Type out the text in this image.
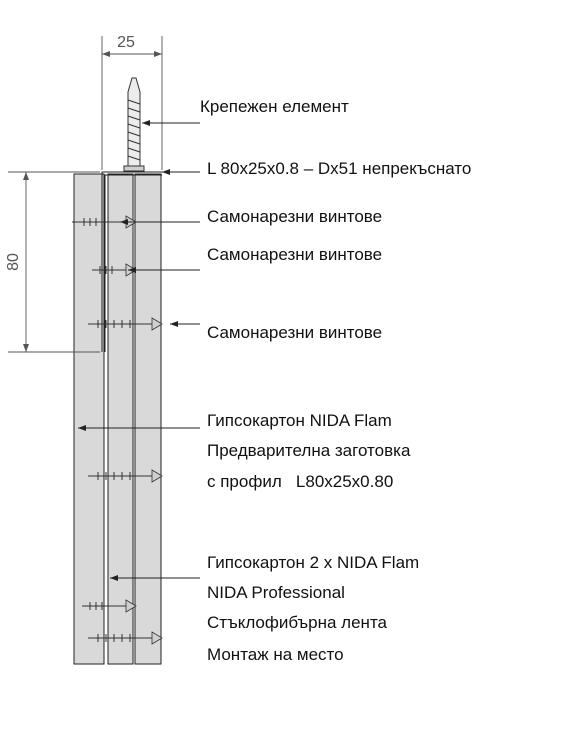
25
80
Крепежен елемент
L 80x25x0.8 – Dx51 непрекъснато
Самонарезни винтове
Самонарезни винтове
Самонарезни винтове
Гипсокартон NIDA Flam
Предварителна заготовка
с профил   L80x25x0.80
Гипсокартон 2 x NIDA Flam
NIDA Professional
Стъклофибърна лента
Монтаж на место
